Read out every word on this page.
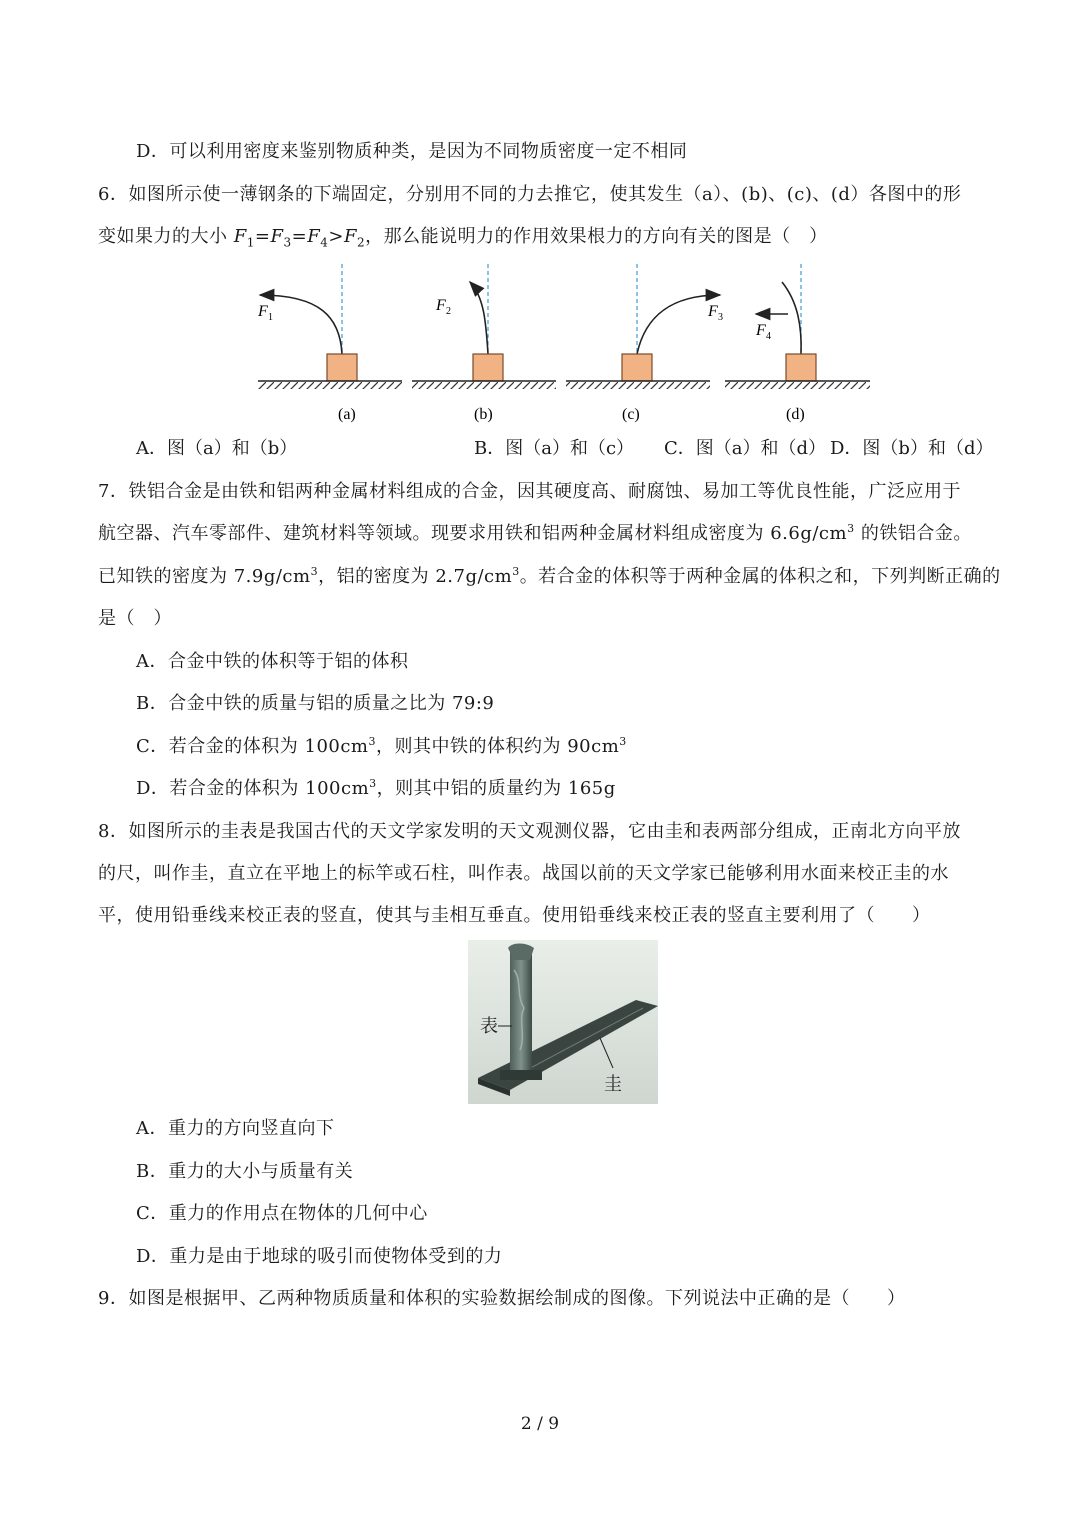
D．可以利用密度来鉴别物质种类，是因为不同物质密度一定不相同
6．如图所示使一薄钢条的下端固定，分别用不同的力去推它，使其发生（a）、(b)、(c)、(d）各图中的形
变如果力的大小 $F_1=F_3=F_4>F_2$，那么能说明力的作用效果根力的方向有关的图是（　）
F 1
(a)
F 2
(b)
F 3
(c)
F 4
(d)
A．图（a）和（b）	B．图（a）和（c） C．图（a）和（d） D．图（b）和（d）
7．铁铝合金是由铁和铝两种金属材料组成的合金，因其硬度高、耐腐蚀、易加工等优良性能，广泛应用于
航空器、汽车零部件、建筑材料等领域。现要求用铁和铝两种金属材料组成密度为 $6.6g/cm^3$ 的铁铝合金。
已知铁的密度为 $7.9g/cm^3$，铝的密度为 $2.7g/cm^3$。若合金的体积等于两种金属的体积之和，下列判断正确的
是（　）
A．合金中铁的体积等于铝的体积
B．合金中铁的质量与铝的质量之比为 79:9
C．若合金的体积为 $100cm^3$，则其中铁的体积约为 $90cm^3$
D．若合金的体积为 $100cm^3$，则其中铝的质量约为 165g
8．如图所示的圭表是我国古代的天文学家发明的天文观测仪器，它由圭和表两部分组成，正南北方向平放
的尺，叫作圭，直立在平地上的标竿或石柱，叫作表。战国以前的天文学家已能够利用水面来校正圭的水
平，使用铅垂线来校正表的竖直，使其与圭相互垂直。使用铅垂线来校正表的竖直主要利用了（　　）
表
圭
A．重力的方向竖直向下
B．重力的大小与质量有关
C．重力的作用点在物体的几何中心
D．重力是由于地球的吸引而使物体受到的力
9．如图是根据甲、乙两种物质质量和体积的实验数据绘制成的图像。下列说法中正确的是（　　）
2 / 9
